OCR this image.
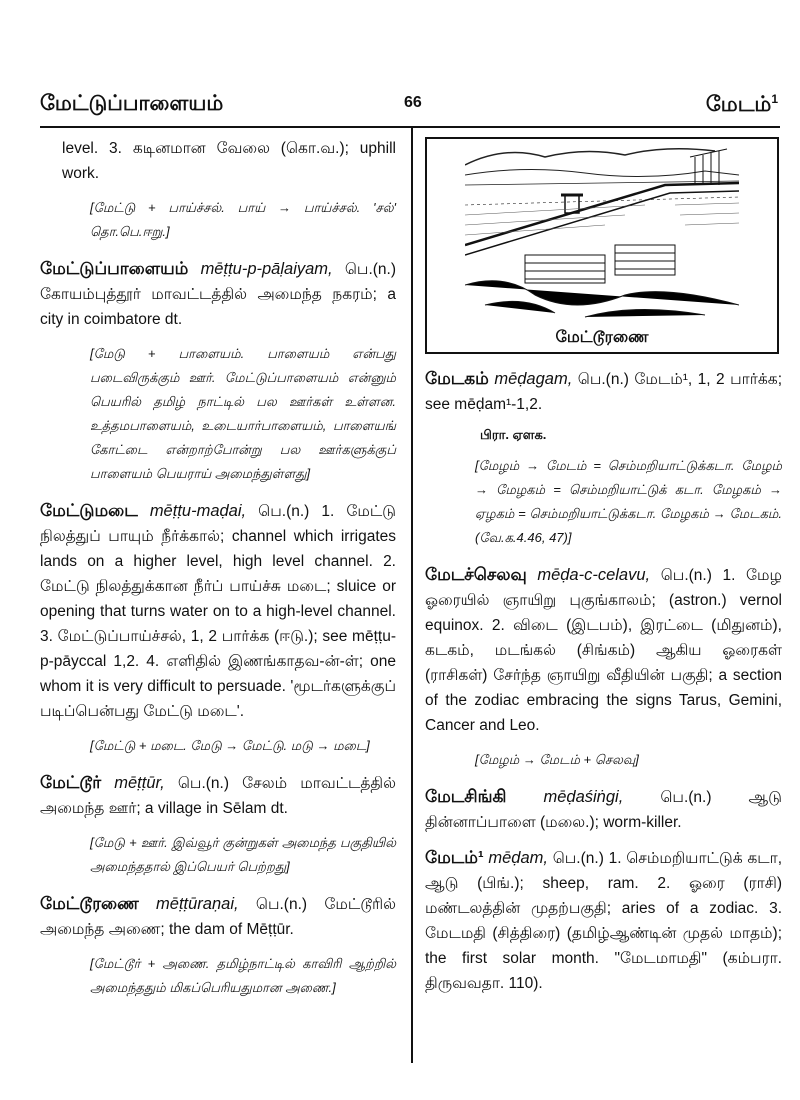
மேட்டுப்பாளையம்	66	மேடம்$^1$

level. 3. கடினமான வேலை (கொ.வ.); uphill work.

[மேட்டு + பாய்ச்சல். பாய் → பாய்ச்சல். 'சல்' தொ.பெ.ஈறு.]

மேட்டுப்பாளையம் mēṭṭu-p-pāḷaiyam, பெ.(n.) கோயம்புத்தூர் மாவட்டத்தில் அமைந்த நகரம்; a city in coimbatore dt.

[மேடு + பாளையம். பாளையம் என்பது படைவிருக்கும் ஊர். மேட்டுப்பாளையம் என்னும் பெயரில் தமிழ் நாட்டில் பல ஊர்கள் உள்ளன. உத்தமபாளையம், உடையார்பாளையம், பாளையங் கோட்டை என்றாற்போன்று பல ஊர்களுக்குப் பாளையம் பெயராய் அமைந்துள்ளது]

மேட்டுமடை mēṭṭu-maḍai, பெ.(n.) 1. மேட்டு நிலத்துப் பாயும் நீர்க்கால்; channel which irrigates lands on a higher level, high level channel. 2. மேட்டு நிலத்துக்கான நீர்ப் பாய்ச்சு மடை; sluice or opening that turns water on to a high-level channel. 3. மேட்டுப்பாய்ச்சல், 1, 2 பார்க்க (ஈடு.); see mēṭṭu-p-pāyccal 1,2. 4. எளிதில் இணங்காதவ-ன்-ள்; one whom it is very difficult to persuade. 'மூடர்களுக்குப் படிப்பென்பது மேட்டு மடை'.

[மேட்டு + மடை. மேடு → மேட்டு. மடு → மடை]

மேட்டூர் mēṭṭūr, பெ.(n.) சேலம் மாவட்டத்தில் அமைந்த ஊர்; a village in Sēlam dt.

[மேடு + ஊர். இவ்வூர் குன்றுகள் அமைந்த பகுதியில் அமைந்ததால் இப்பெயர் பெற்றது]

மேட்டூரணை mēṭṭūraṇai, பெ.(n.) மேட்டூரில் அமைந்த அணை; the dam of Mēṭṭūr.

[மேட்டூர் + அணை. தமிழ்நாட்டில் காவிரி ஆற்றில் அமைந்ததும் மிகப்பெரியதுமான அணை.]

மேட்டூரணை

மேடகம் mēḍagam, பெ.(n.) மேடம்¹, 1, 2 பார்க்க; see mēḍam¹-1,2.

பிரா. ஏளக.

[மேழம் → மேடம் = செம்மறியாட்டுக்கடா. மேழம் → மேழகம் = செம்மறியாட்டுக் கடா. மேழகம் → ஏழகம் = செம்மறியாட்டுக்கடா. மேழகம் → மேடகம். (வே.க.4.46, 47)]

மேடச்செலவு mēḍa-c-celavu, பெ.(n.) 1. மேழ ஓரையில் ஞாயிறு புகுங்காலம்; (astron.) vernol equinox. 2. விடை (இடபம்), இரட்டை (மிதுனம்), கடகம், மடங்கல் (சிங்கம்) ஆகிய ஓரைகள் (ராசிகள்) சேர்ந்த ஞாயிறு வீதியின் பகுதி; a section of the zodiac embracing the signs Tarus, Gemini, Cancer and Leo.

[மேழம் → மேடம் + செலவு]

மேடசிங்கி mēḍaśiṅgi, பெ.(n.) ஆடு தின்னாப்பாளை (மலை.); worm-killer.

மேடம்¹ mēḍam, பெ.(n.) 1. செம்மறியாட்டுக் கடா, ஆடு (பிங்.); sheep, ram. 2. ஓரை (ராசி) மண்டலத்தின் முதற்பகுதி; aries of a zodiac. 3. மேடமதி (சித்திரை) (தமிழ்ஆண்டின் முதல் மாதம்); the first solar month. "மேடமாமதி" (கம்பரா. திருவவதா. 110).
